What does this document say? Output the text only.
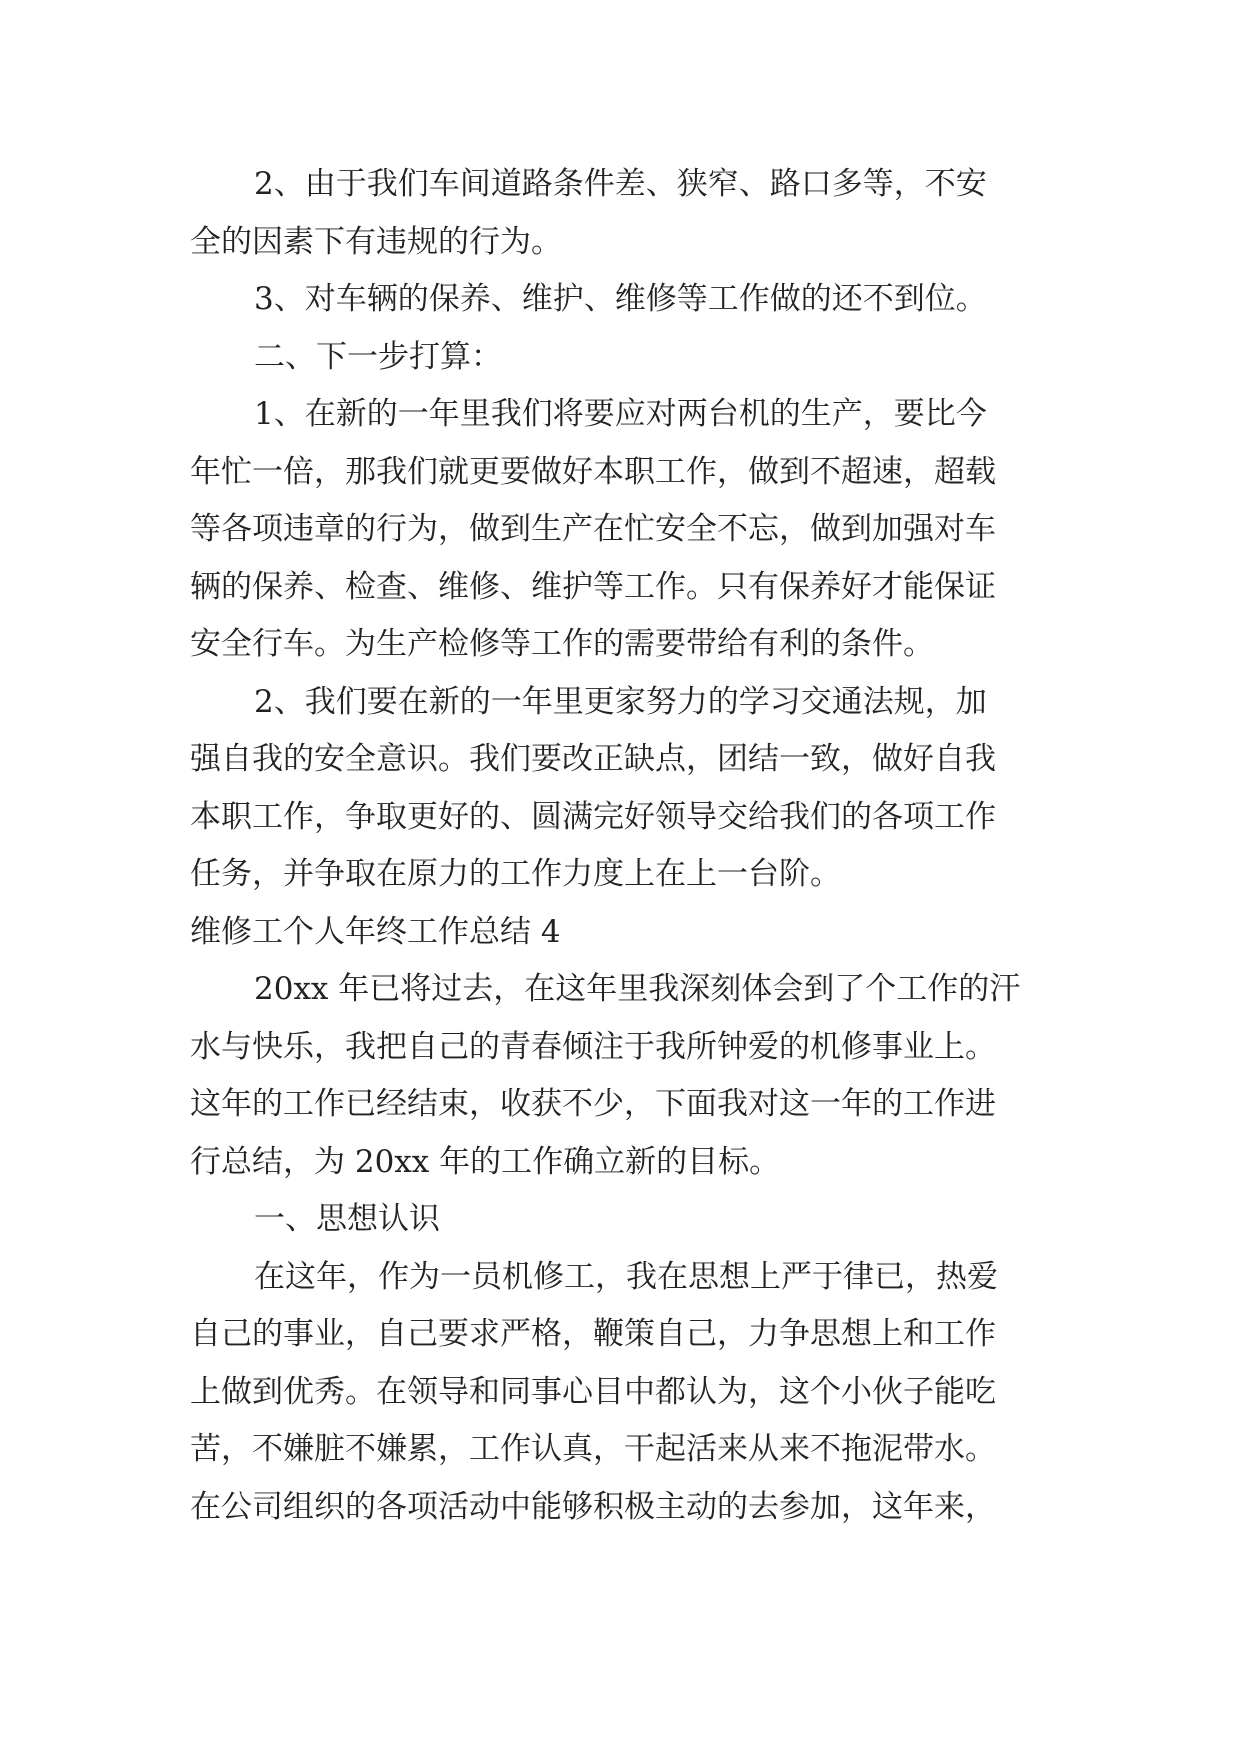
2、由于我们车间道路条件差、狭窄、路口多等，不安
全的因素下有违规的行为。
3、对车辆的保养、维护、维修等工作做的还不到位。
二、下一步打算：
1、在新的一年里我们将要应对两台机的生产，要比今
年忙一倍，那我们就更要做好本职工作，做到不超速，超载
等各项违章的行为，做到生产在忙安全不忘，做到加强对车
辆的保养、检查、维修、维护等工作。只有保养好才能保证
安全行车。为生产检修等工作的需要带给有利的条件。
2、我们要在新的一年里更家努力的学习交通法规，加
强自我的安全意识。我们要改正缺点，团结一致，做好自我
本职工作，争取更好的、圆满完好领导交给我们的各项工作
任务，并争取在原力的工作力度上在上一台阶。
维修工个人年终工作总结 4
20xx 年已将过去，在这年里我深刻体会到了个工作的汗
水与快乐，我把自己的青春倾注于我所钟爱的机修事业上。
这年的工作已经结束，收获不少，下面我对这一年的工作进
行总结，为 20xx 年的工作确立新的目标。
一、思想认识
在这年，作为一员机修工，我在思想上严于律已，热爱
自己的事业，自己要求严格，鞭策自己，力争思想上和工作
上做到优秀。在领导和同事心目中都认为，这个小伙子能吃
苦，不嫌脏不嫌累，工作认真，干起活来从来不拖泥带水。
在公司组织的各项活动中能够积极主动的去参加，这年来，
